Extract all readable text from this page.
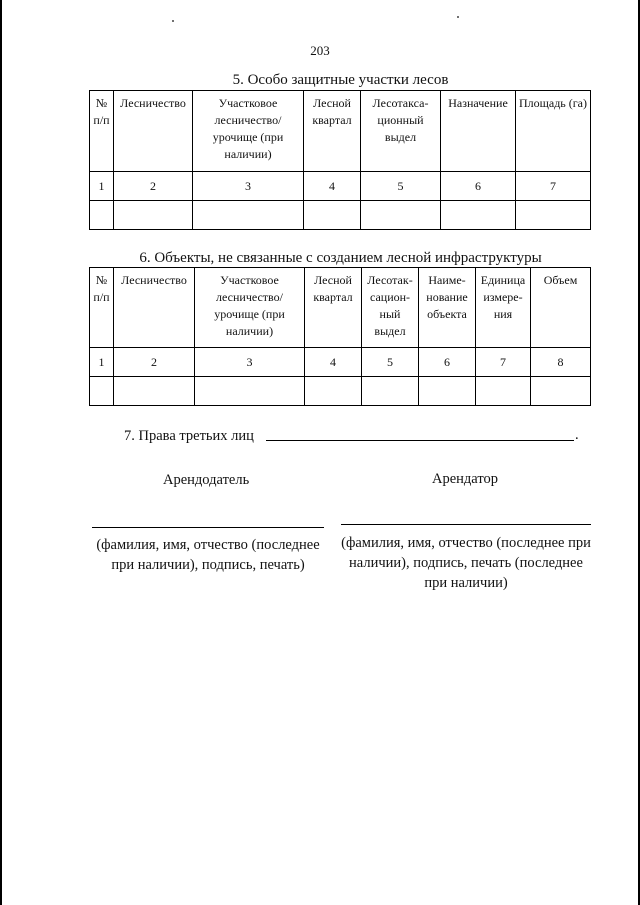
203
5. Особо защитные участки лесов
№ п/п	Лесничество	Участковое лесничество/ урочище (при наличии)	Лесной квартал	Лесотакса-ционный выдел	Назначение	Площадь (га)
1	2	3	4	5	6	7

6. Объекты, не связанные с созданием лесной инфраструктуры
№ п/п	Лесничество	Участковое лесничество/ урочище (при наличии)	Лесной квартал	Лесотак-сацион-ный выдел	Наиме-нование объекта	Единица измере-ния	Объем
1	2	3	4	5	6	7	8

7. Права третьих лиц	.
Арендодатель	Арендатор
(фамилия, имя, отчество (последнее при наличии), подпись, печать)
(фамилия, имя, отчество (последнее при наличии), подпись, печать (последнее при наличии)
